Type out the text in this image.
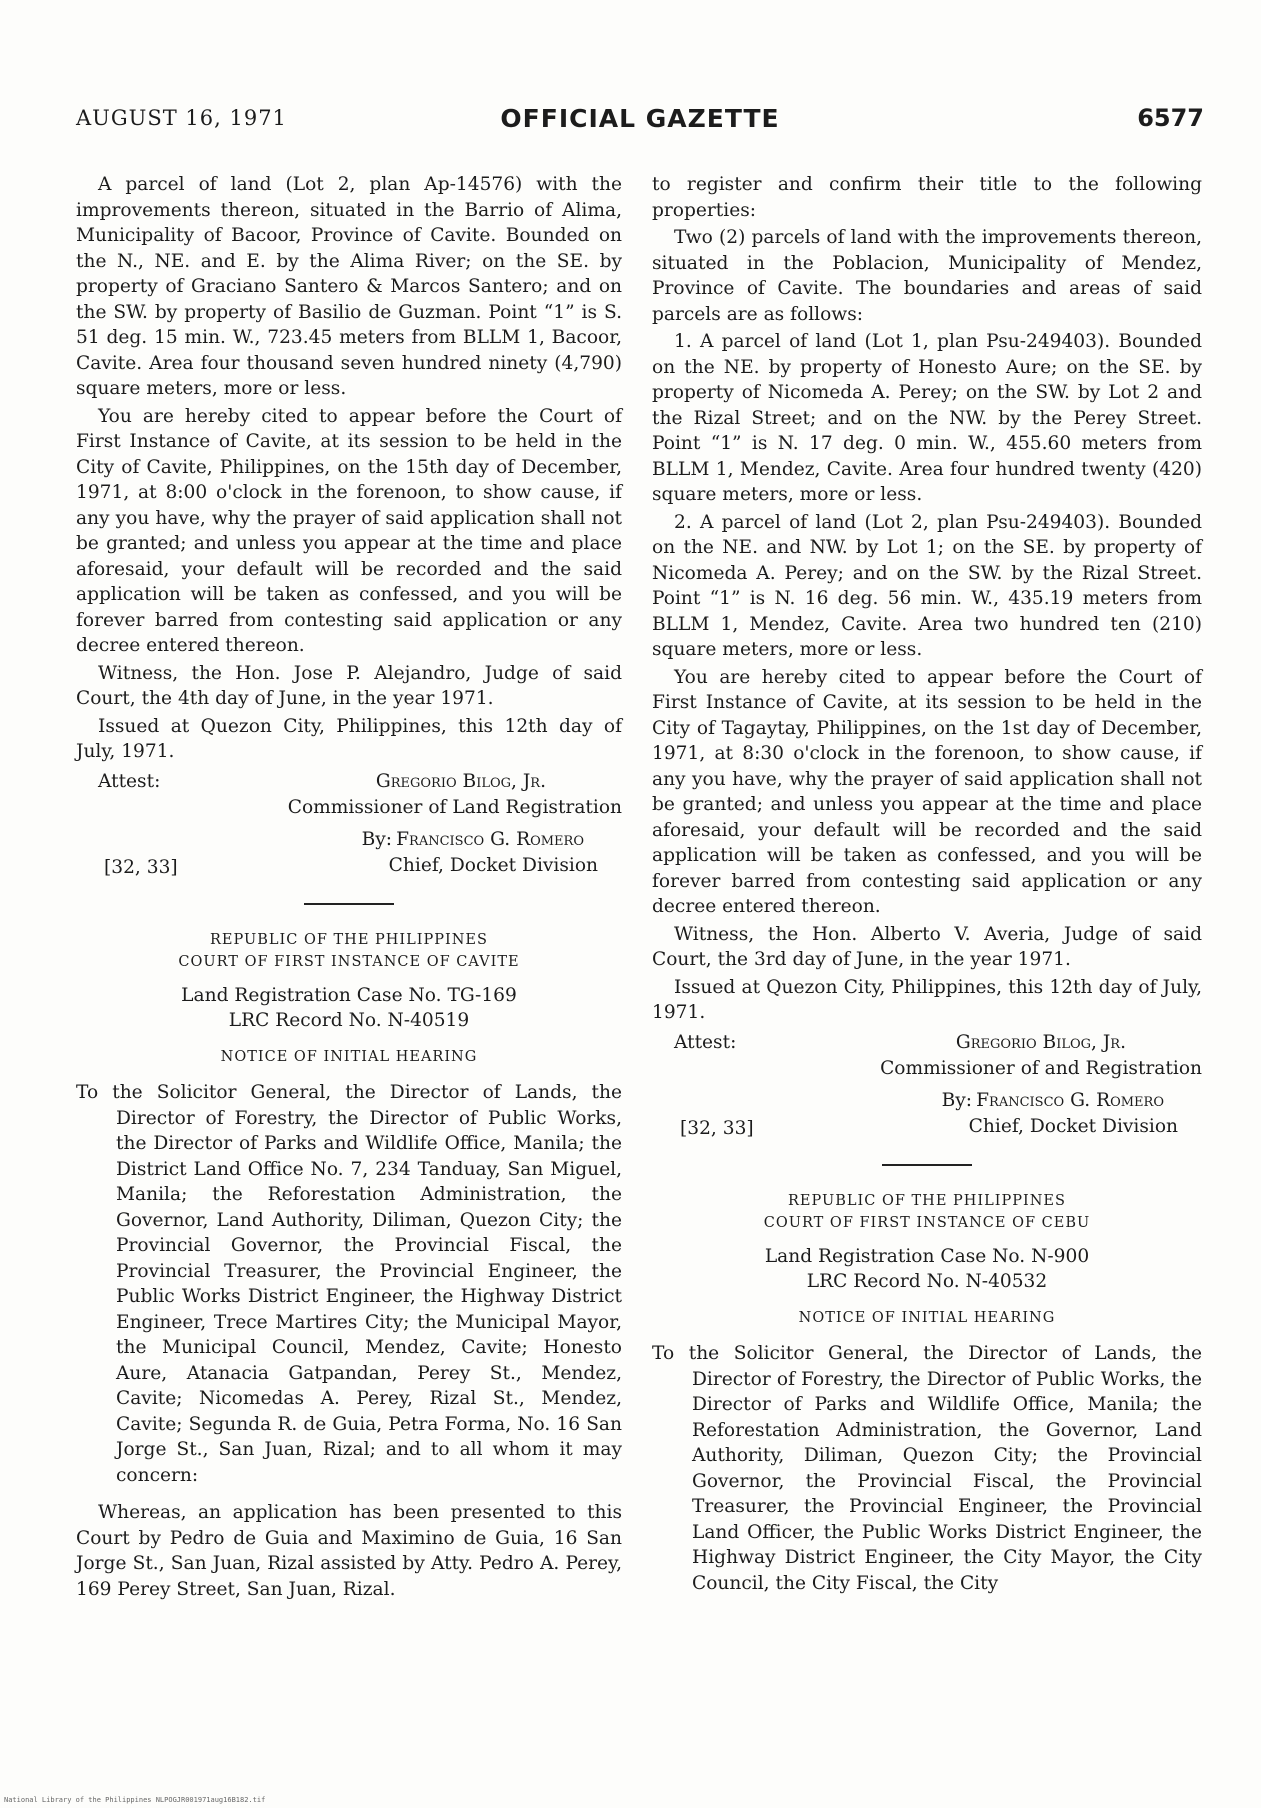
AUGUST 16, 1971	OFFICIAL GAZETTE	6577

A parcel of land (Lot 2, plan Ap-14576) with the improvements thereon, situated in the Barrio of Alima, Municipality of Bacoor, Province of Cavite. Bounded on the N., NE. and E. by the Alima River; on the SE. by property of Graciano Santero & Marcos Santero; and on the SW. by property of Basilio de Guzman. Point “1” is S. 51 deg. 15 min. W., 723.45 meters from BLLM 1, Bacoor, Cavite. Area four thousand seven hundred ninety (4,790) square meters, more or less.

You are hereby cited to appear before the Court of First Instance of Cavite, at its session to be held in the City of Cavite, Philippines, on the 15th day of December, 1971, at 8:00 o'clock in the forenoon, to show cause, if any you have, why the prayer of said application shall not be granted; and unless you appear at the time and place aforesaid, your default will be recorded and the said application will be taken as confessed, and you will be forever barred from contesting said application or any decree entered thereon.

Witness, the Hon. Jose P. Alejandro, Judge of said Court, the 4th day of June, in the year 1971.

Issued at Quezon City, Philippines, this 12th day of July, 1971.

Attest:	Gregorio Bilog, Jr.
Commissioner of Land Registration
By: Francisco G. Romero
[32, 33]	Chief, Docket Division
REPUBLIC OF THE PHILIPPINES
COURT OF FIRST INSTANCE OF CAVITE
Land Registration Case No. TG-169
LRC Record No. N-40519
NOTICE OF INITIAL HEARING

To the Solicitor General, the Director of Lands, the Director of Forestry, the Director of Public Works, the Director of Parks and Wildlife Office, Manila; the District Land Office No. 7, 234 Tanduay, San Miguel, Manila; the Reforestation Administration, the Governor, Land Authority, Diliman, Quezon City; the Provincial Governor, the Provincial Fiscal, the Provincial Treasurer, the Provincial Engineer, the Public Works District Engineer, the Highway District Engineer, Trece Martires City; the Municipal Mayor, the Municipal Council, Mendez, Cavite; Honesto Aure, Atanacia Gatpandan, Perey St., Mendez, Cavite; Nicomedas A. Perey, Rizal St., Mendez, Cavite; Segunda R. de Guia, Petra Forma, No. 16 San Jorge St., San Juan, Rizal; and to all whom it may concern:

Whereas, an application has been presented to this Court by Pedro de Guia and Maximino de Guia, 16 San Jorge St., San Juan, Rizal assisted by Atty. Pedro A. Perey, 169 Perey Street, San Juan, Rizal.

to register and confirm their title to the following properties:

Two (2) parcels of land with the improvements thereon, situated in the Poblacion, Municipality of Mendez, Province of Cavite. The boundaries and areas of said parcels are as follows:

1. A parcel of land (Lot 1, plan Psu-249403). Bounded on the NE. by property of Honesto Aure; on the SE. by property of Nicomeda A. Perey; on the SW. by Lot 2 and the Rizal Street; and on the NW. by the Perey Street. Point “1” is N. 17 deg. 0 min. W., 455.60 meters from BLLM 1, Mendez, Cavite. Area four hundred twenty (420) square meters, more or less.

2. A parcel of land (Lot 2, plan Psu-249403). Bounded on the NE. and NW. by Lot 1; on the SE. by property of Nicomeda A. Perey; and on the SW. by the Rizal Street. Point “1” is N. 16 deg. 56 min. W., 435.19 meters from BLLM 1, Mendez, Cavite. Area two hundred ten (210) square meters, more or less.

You are hereby cited to appear before the Court of First Instance of Cavite, at its session to be held in the City of Tagaytay, Philippines, on the 1st day of December, 1971, at 8:30 o'clock in the forenoon, to show cause, if any you have, why the prayer of said application shall not be granted; and unless you appear at the time and place aforesaid, your default will be recorded and the said application will be taken as confessed, and you will be forever barred from contesting said application or any decree entered thereon.

Witness, the Hon. Alberto V. Averia, Judge of said Court, the 3rd day of June, in the year 1971.

Issued at Quezon City, Philippines, this 12th day of July, 1971.

Attest:	Gregorio Bilog, Jr.
Commissioner of and Registration
By: Francisco G. Romero
[32, 33]	Chief, Docket Division
REPUBLIC OF THE PHILIPPINES
COURT OF FIRST INSTANCE OF CEBU
Land Registration Case No. N-900
LRC Record No. N-40532
NOTICE OF INITIAL HEARING

To the Solicitor General, the Director of Lands, the Director of Forestry, the Director of Public Works, the Director of Parks and Wildlife Office, Manila; the Reforestation Administration, the Governor, Land Authority, Diliman, Quezon City; the Provincial Governor, the Provincial Fiscal, the Provincial Treasurer, the Provincial Engineer, the Provincial Land Officer, the Public Works District Engineer, the Highway District Engineer, the City Mayor, the City Council, the City Fiscal, the City

National Library of the Philippines NLPOGJR001971aug16B182.tif
